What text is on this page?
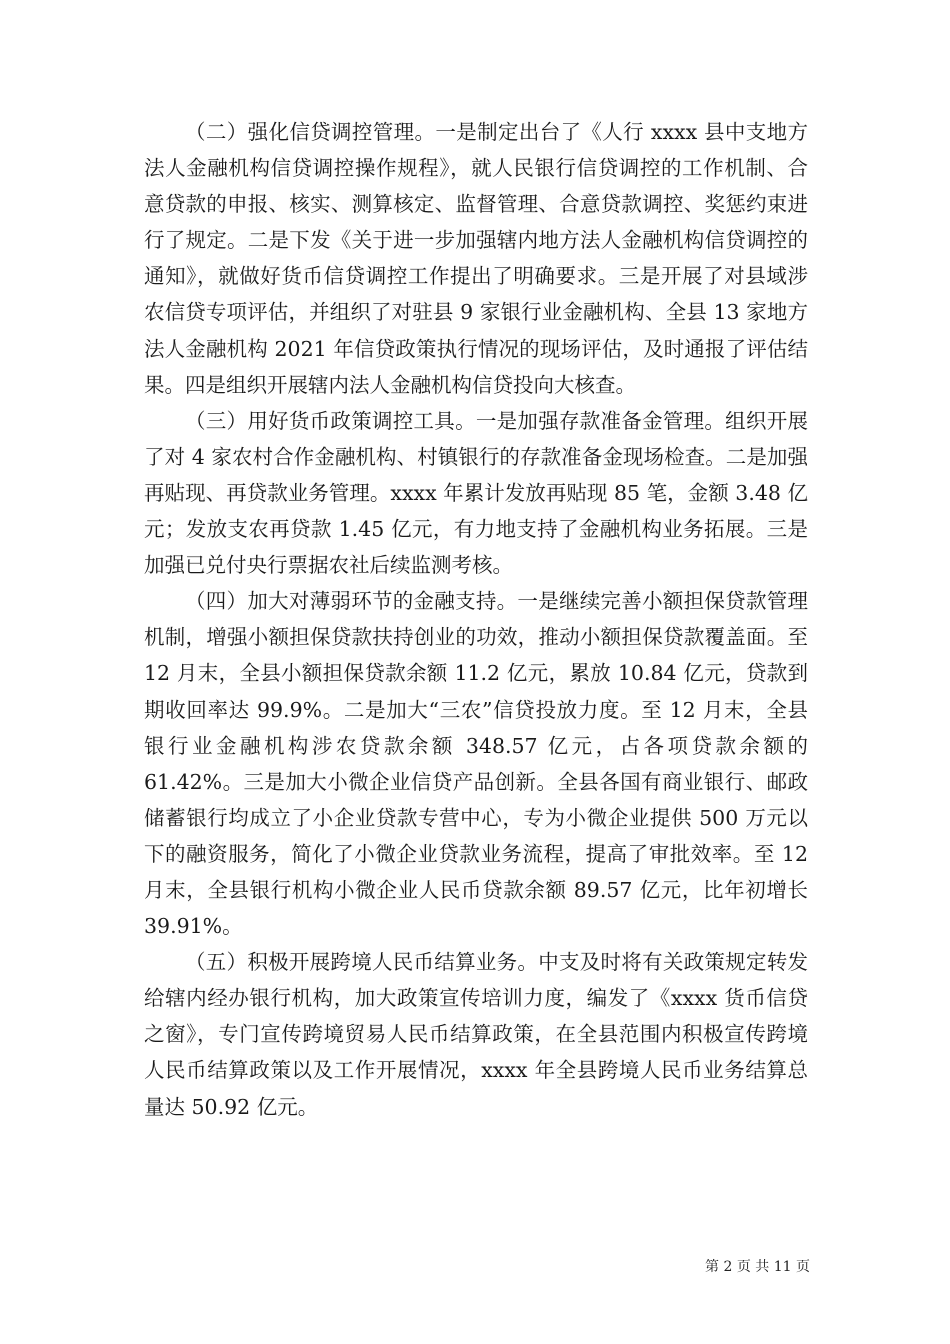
（二）强化信贷调控管理。一是制定出台了《人行 xxxx 县中支地方法人金融机构信贷调控操作规程》，就人民银行信贷调控的工作机制、合意贷款的申报、核实、测算核定、监督管理、合意贷款调控、奖惩约束进行了规定。二是下发《关于进一步加强辖内地方法人金融机构信贷调控的通知》，就做好货币信贷调控工作提出了明确要求。三是开展了对县域涉农信贷专项评估，并组织了对驻县 9 家银行业金融机构、全县 13 家地方法人金融机构 2021 年信贷政策执行情况的现场评估，及时通报了评估结果。四是组织开展辖内法人金融机构信贷投向大核查。

（三）用好货币政策调控工具。一是加强存款准备金管理。组织开展了对 4 家农村合作金融机构、村镇银行的存款准备金现场检查。二是加强再贴现、再贷款业务管理。xxxx 年累计发放再贴现 85 笔，金额 3.48 亿元；发放支农再贷款 1.45 亿元，有力地支持了金融机构业务拓展。三是加强已兑付央行票据农社后续监测考核。

（四）加大对薄弱环节的金融支持。一是继续完善小额担保贷款管理机制，增强小额担保贷款扶持创业的功效，推动小额担保贷款覆盖面。至 12 月末，全县小额担保贷款余额 11.2 亿元，累放 10.84 亿元，贷款到期收回率达 99.9%。二是加大“三农”信贷投放力度。至 12 月末，全县银行业金融机构涉农贷款余额 348.57 亿元，占各项贷款余额的 61.42%。三是加大小微企业信贷产品创新。全县各国有商业银行、邮政储蓄银行均成立了小企业贷款专营中心，专为小微企业提供 500 万元以下的融资服务，简化了小微企业贷款业务流程，提高了审批效率。至 12 月末，全县银行机构小微企业人民币贷款余额 89.57 亿元，比年初增长 39.91%。

（五）积极开展跨境人民币结算业务。中支及时将有关政策规定转发给辖内经办银行机构，加大政策宣传培训力度，编发了《xxxx 货币信贷之窗》，专门宣传跨境贸易人民币结算政策，在全县范围内积极宣传跨境人民币结算政策以及工作开展情况，xxxx 年全县跨境人民币业务结算总量达 50.92 亿元。

第 2 页 共 11 页
